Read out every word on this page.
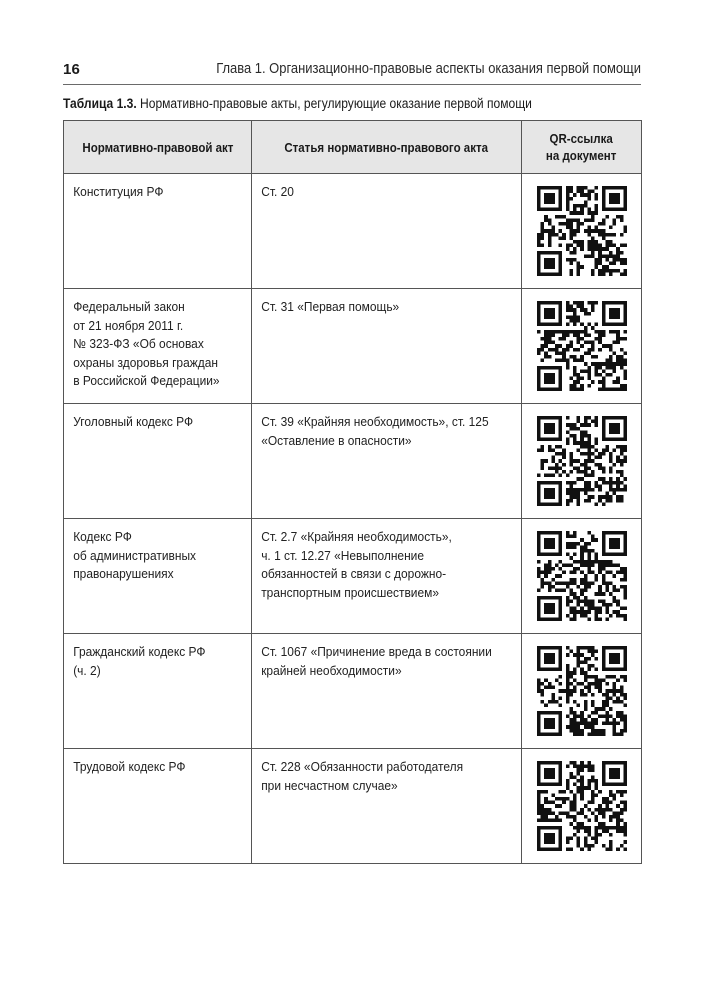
16	Глава 1. Организационно-правовые аспекты оказания первой помощи
Таблица 1.3. Нормативно-правовые акты, регулирующие оказание первой помощи
Нормативно-правовой акт	Статья нормативно-правового акта	QR-ссылка
на документ

Конституция РФ	Ст. 20

Федеральный закон
от 21 ноября 2011 г.
№ 323-ФЗ «Об основах
охраны здоровья граждан
в Российской Федерации»	Ст. 31 «Первая помощь»

Уголовный кодекс РФ	Ст. 39 «Крайняя необходимость», ст. 125
«Оставление в опасности»

Кодекс РФ
об административных
правонарушениях	Ст. 2.7 «Крайняя необходимость»,
ч. 1 ст. 12.27 «Невыполнение
обязанностей в связи с дорожно-
транспортным происшествием»

Гражданский кодекс РФ
(ч. 2)	Ст. 1067 «Причинение вреда в состоянии
крайней необходимости»

Трудовой кодекс РФ	Ст. 228 «Обязанности работодателя
при несчастном случае»
